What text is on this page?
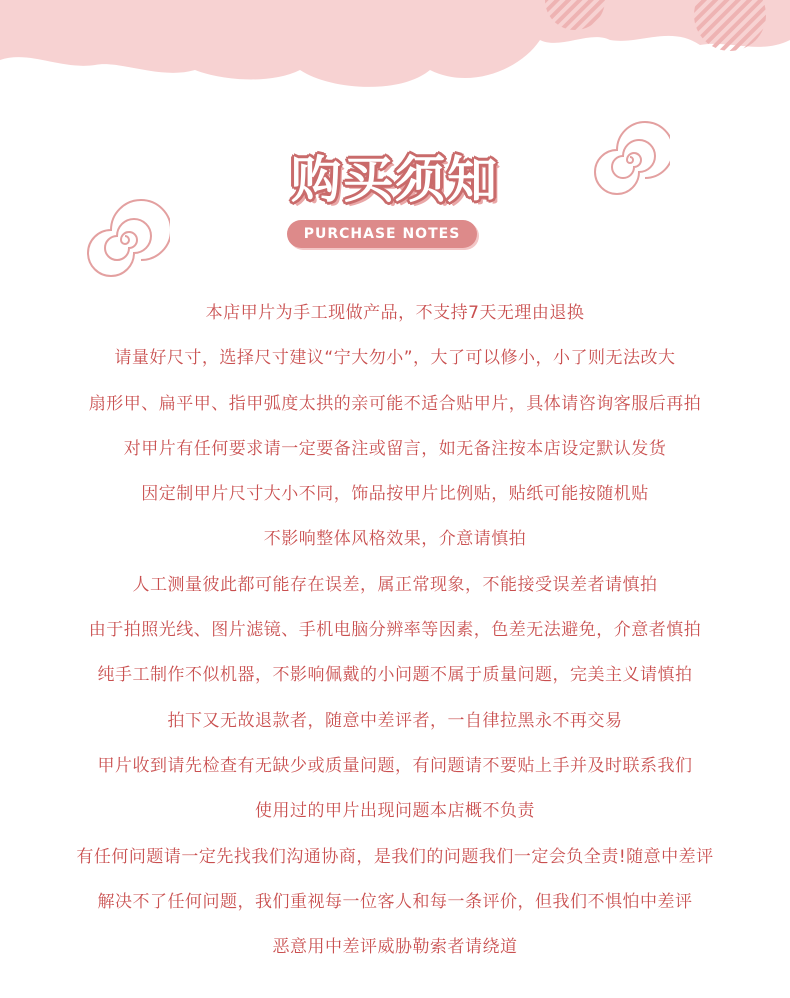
购买须知
PURCHASE NOTES
本店甲片为手工现做产品，不支持7天无理由退换
请量好尺寸，选择尺寸建议“宁大勿小”，大了可以修小，小了则无法改大
扇形甲、扁平甲、指甲弧度太拱的亲可能不适合贴甲片，具体请咨询客服后再拍
对甲片有任何要求请一定要备注或留言，如无备注按本店设定默认发货
因定制甲片尺寸大小不同，饰品按甲片比例贴，贴纸可能按随机贴
不影响整体风格效果，介意请慎拍
人工测量彼此都可能存在误差，属正常现象，不能接受误差者请慎拍
由于拍照光线、图片滤镜、手机电脑分辨率等因素，色差无法避免，介意者慎拍
纯手工制作不似机器，不影响佩戴的小问题不属于质量问题，完美主义请慎拍
拍下又无故退款者，随意中差评者，一自律拉黑永不再交易
甲片收到请先检查有无缺少或质量问题，有问题请不要贴上手并及时联系我们
使用过的甲片出现问题本店概不负责
有任何问题请一定先找我们沟通协商，是我们的问题我们一定会负全责!随意中差评
解决不了任何问题，我们重视每一位客人和每一条评价，但我们不惧怕中差评
恶意用中差评威胁勒索者请绕道
